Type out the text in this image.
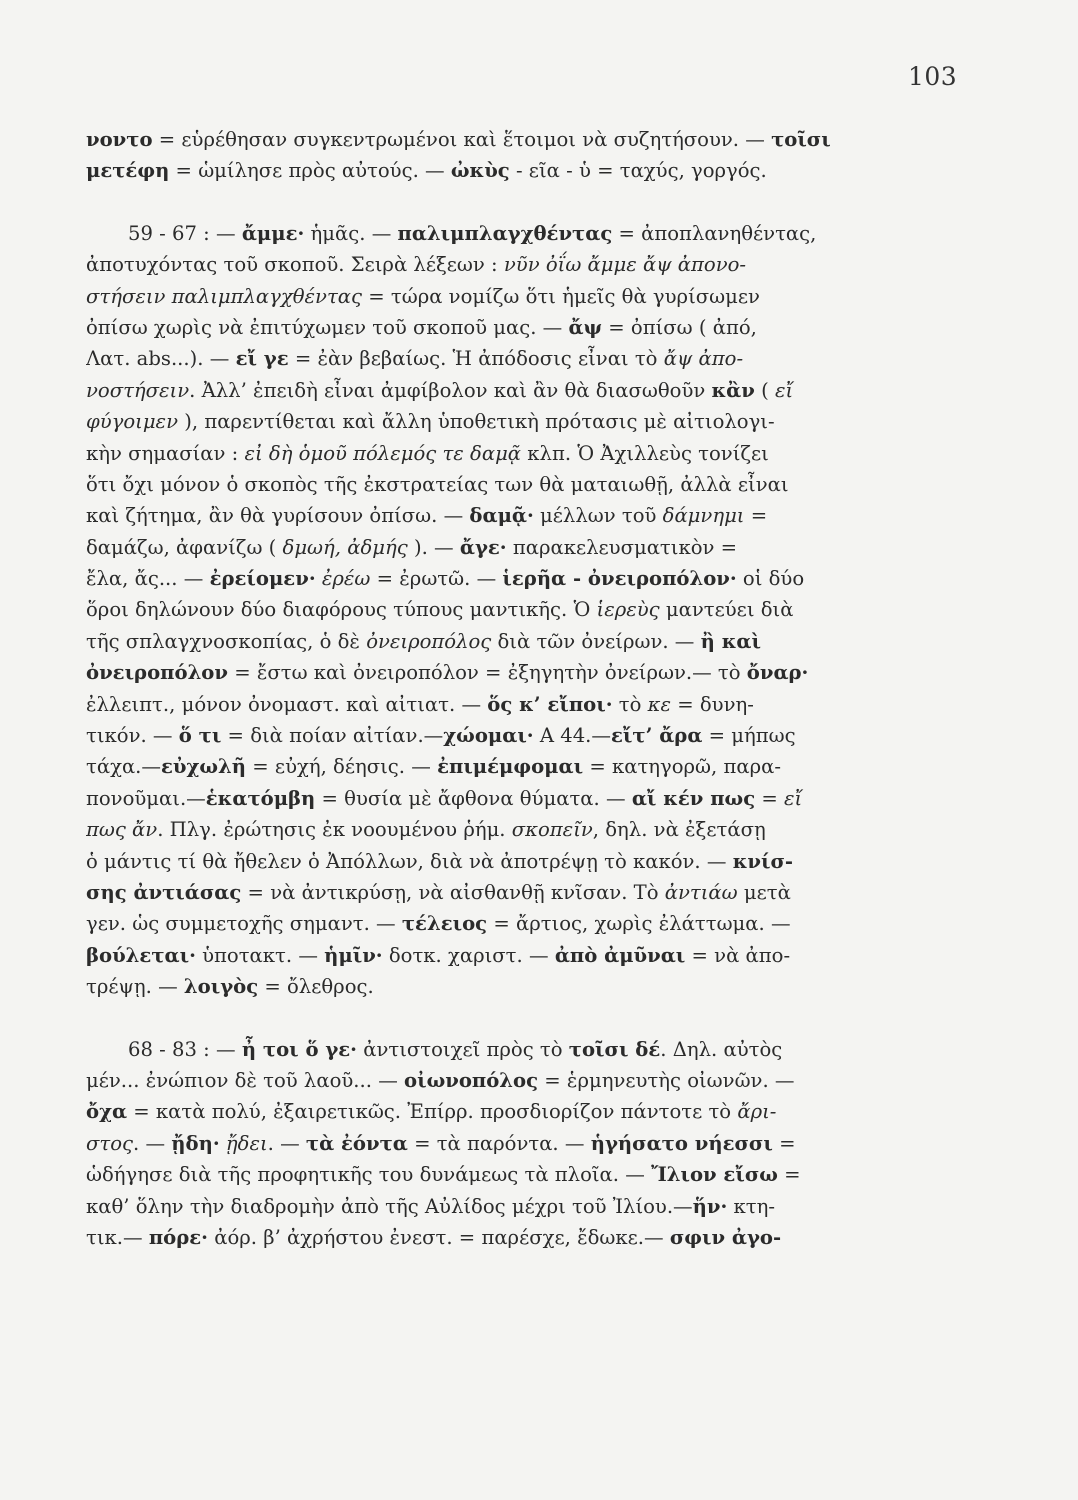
103
νοντο = εὑρέθησαν συγκεντρωμένοι καὶ ἕτοιμοι νὰ συζητήσουν. — τοῖσι
μετέφη = ὡμίλησε πρὸς αὐτούς. — ὠκὺς - εῖα - ὑ = ταχύς, γοργός.
59 - 67 : — ἄμμε· ἡμᾶς. — παλιμπλαγχθέντας = ἀποπλανηθέντας,
ἀποτυχόντας τοῦ σκοποῦ. Σειρὰ λέξεων : νῦν ὀΐω ἄμμε ἄψ ἀπονο-
στήσειν παλιμπλαγχθέντας = τώρα νομίζω ὅτι ἡμεῖς θὰ γυρίσωμεν
ὀπίσω χωρὶς νὰ ἐπιτύχωμεν τοῦ σκοποῦ μας. — ἄψ = ὀπίσω ( ἀπό,
Λατ. abs...). — εἴ γε = ἐὰν βεβαίως. Ἡ ἀπόδοσις εἶναι τὸ ἄψ ἀπο-
νοστήσειν. Ἀλλ’ ἐπειδὴ εἶναι ἀμφίβολον καὶ ἂν θὰ διασωθοῦν κἂν ( εἴ
φύγοιμεν ), παρεντίθεται καὶ ἄλλη ὑποθετικὴ πρότασις μὲ αἰτιολογι-
κὴν σημασίαν : εἰ δὴ ὁμοῦ πόλεμός τε δαμᾷ κλπ. Ὁ Ἀχιλλεὺς τονίζει
ὅτι ὄχι μόνον ὁ σκοπὸς τῆς ἐκστρατείας των θὰ ματαιωθῇ, ἀλλὰ εἶναι
καὶ ζήτημα, ἂν θὰ γυρίσουν ὀπίσω. — δαμᾷ· μέλλων τοῦ δάμνημι =
δαμάζω, ἀφανίζω ( δμωή, ἀδμής ). — ἄγε· παρακελευσματικὸν =
ἔλα, ἄς... — ἐρείομεν· ἐρέω = ἐρωτῶ. — ἱερῆα - ὀνειροπόλον· οἱ δύο
ὅροι δηλώνουν δύο διαφόρους τύπους μαντικῆς. Ὁ ἱερεὺς μαντεύει διὰ
τῆς σπλαγχνοσκοπίας, ὁ δὲ ὀνειροπόλος διὰ τῶν ὀνείρων. — ἢ καὶ
ὀνειροπόλον = ἔστω καὶ ὀνειροπόλον = ἐξηγητὴν ὀνείρων.— τὸ ὄναρ·
ἐλλειπτ., μόνον ὀνομαστ. καὶ αἰτιατ. — ὅς κ’ εἴποι· τὸ κε = δυνη-
τικόν. — ὅ τι = διὰ ποίαν αἰτίαν.—χώομαι· Α 44.—εἴτ’ ἄρα = μήπως
τάχα.—εὐχωλῆ = εὐχή, δέησις. — ἐπιμέμφομαι = κατηγορῶ, παρα-
πονοῦμαι.—ἑκατόμβη = θυσία μὲ ἄφθονα θύματα. — αἴ κέν πως = εἴ
πως ἄν. Πλγ. ἐρώτησις ἐκ νοουμένου ῥήμ. σκοπεῖν, δηλ. νὰ ἐξετάσῃ
ὁ μάντις τί θὰ ἤθελεν ὁ Ἀπόλλων, διὰ νὰ ἀποτρέψῃ τὸ κακόν. — κνίσ-
σης ἀντιάσας = νὰ ἀντικρύσῃ, νὰ αἰσθανθῇ κνῖσαν. Τὸ ἀντιάω μετὰ
γεν. ὡς συμμετοχῆς σημαντ. — τέλειος = ἄρτιος, χωρὶς ἐλάττωμα. —
βούλεται· ὑποτακτ. — ἡμῖν· δοτκ. χαριστ. — ἀπὸ ἀμῦναι = νὰ ἀπο-
τρέψῃ. — λοιγὸς = ὄλεθρος.
68 - 83 : — ἦ τοι ὅ γε· ἀντιστοιχεῖ πρὸς τὸ τοῖσι δέ. Δηλ. αὐτὸς
μέν... ἐνώπιον δὲ τοῦ λαοῦ... — οἰωνοπόλος = ἑρμηνευτὴς οἰωνῶν. —
ὄχα = κατὰ πολύ, ἐξαιρετικῶς. Ἐπίρρ. προσδιορίζον πάντοτε τὸ ἄρι-
στος. — ᾔδη· ᾔδει. — τὰ ἐόντα = τὰ παρόντα. — ἡγήσατο νήεσσι =
ὡδήγησε διὰ τῆς προφητικῆς του δυνάμεως τὰ πλοῖα. — Ἴλιον εἴσω =
καθ’ ὅλην τὴν διαδρομὴν ἀπὸ τῆς Αὐλίδος μέχρι τοῦ Ἰλίου.—ἥν· κτη-
τικ.— πόρε· ἀόρ. β’ ἀχρήστου ἐνεστ. = παρέσχε, ἔδωκε.— σφιν ἀγο-
